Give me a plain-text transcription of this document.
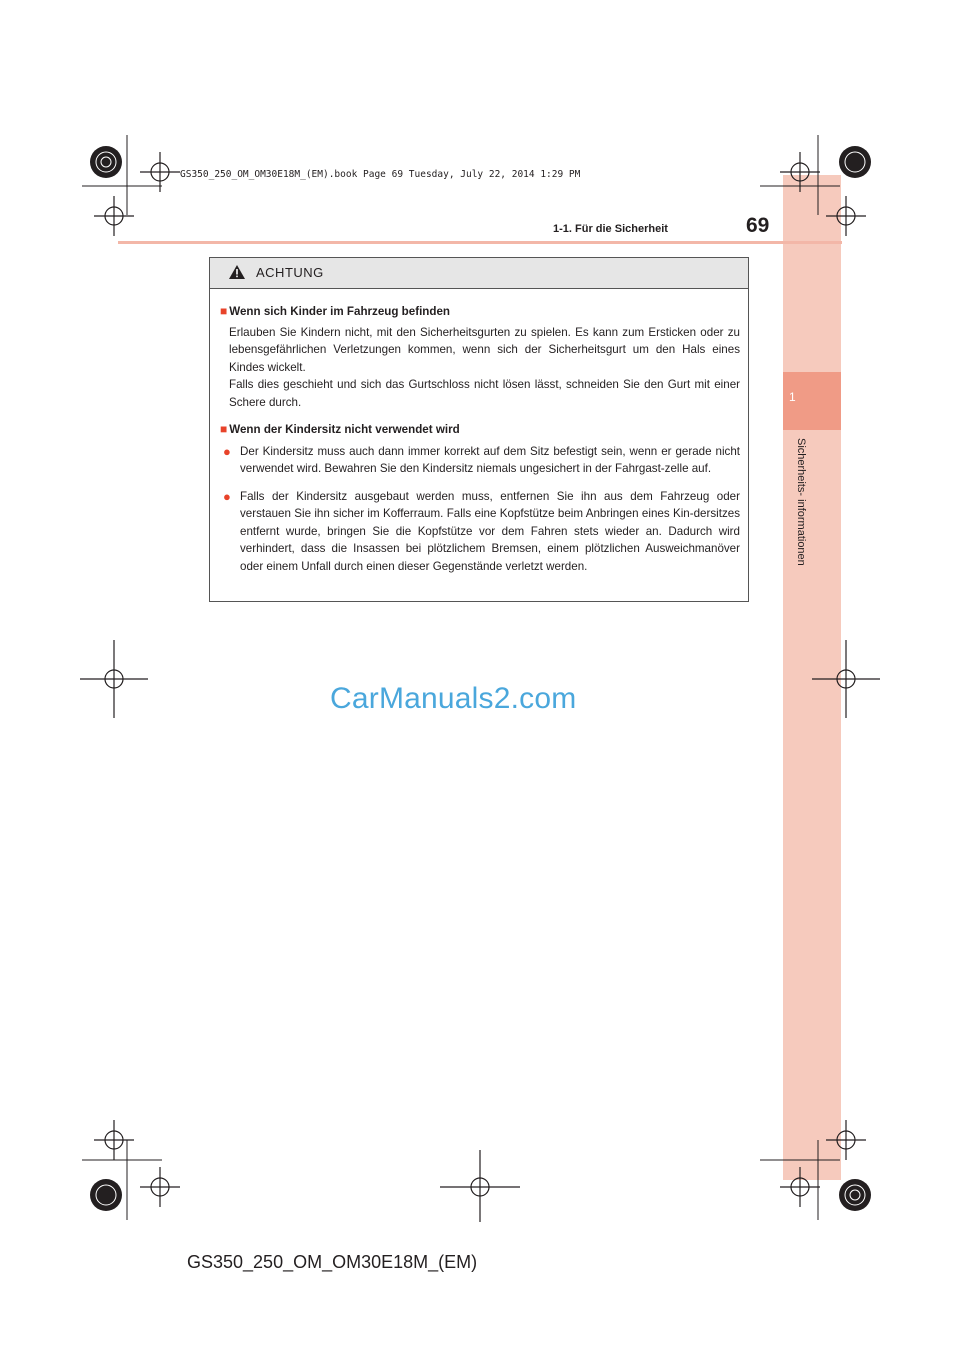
1
Sicherheits- informationen
GS350_250_OM_OM30E18M_(EM).book Page 69 Tuesday, July 22, 2014 1:29 PM
1-1. Für die Sicherheit	69
ACHTUNG
■ Wenn sich Kinder im Fahrzeug befinden
Erlauben Sie Kindern nicht, mit den Sicherheitsgurten zu spielen. Es kann zum Ersticken oder zu lebensgefährlichen Verletzungen kommen, wenn sich der Sicherheitsgurt um den Hals eines Kindes wickelt.
Falls dies geschieht und sich das Gurtschloss nicht lösen lässt, schneiden Sie den Gurt mit einer Schere durch.
■ Wenn der Kindersitz nicht verwendet wird
● Der Kindersitz muss auch dann immer korrekt auf dem Sitz befestigt sein, wenn er gerade nicht verwendet wird. Bewahren Sie den Kindersitz niemals ungesichert in der Fahrgast-zelle auf.
● Falls der Kindersitz ausgebaut werden muss, entfernen Sie ihn aus dem Fahrzeug oder verstauen Sie ihn sicher im Kofferraum. Falls eine Kopfstütze beim Anbringen eines Kin-dersitzes entfernt wurde, bringen Sie die Kopfstütze vor dem Fahren stets wieder an. Dadurch wird verhindert, dass die Insassen bei plötzlichem Bremsen, einem plötzlichen Ausweichmanöver oder einem Unfall durch einen dieser Gegenstände verletzt werden.
CarManuals2.com
GS350_250_OM_OM30E18M_(EM)
